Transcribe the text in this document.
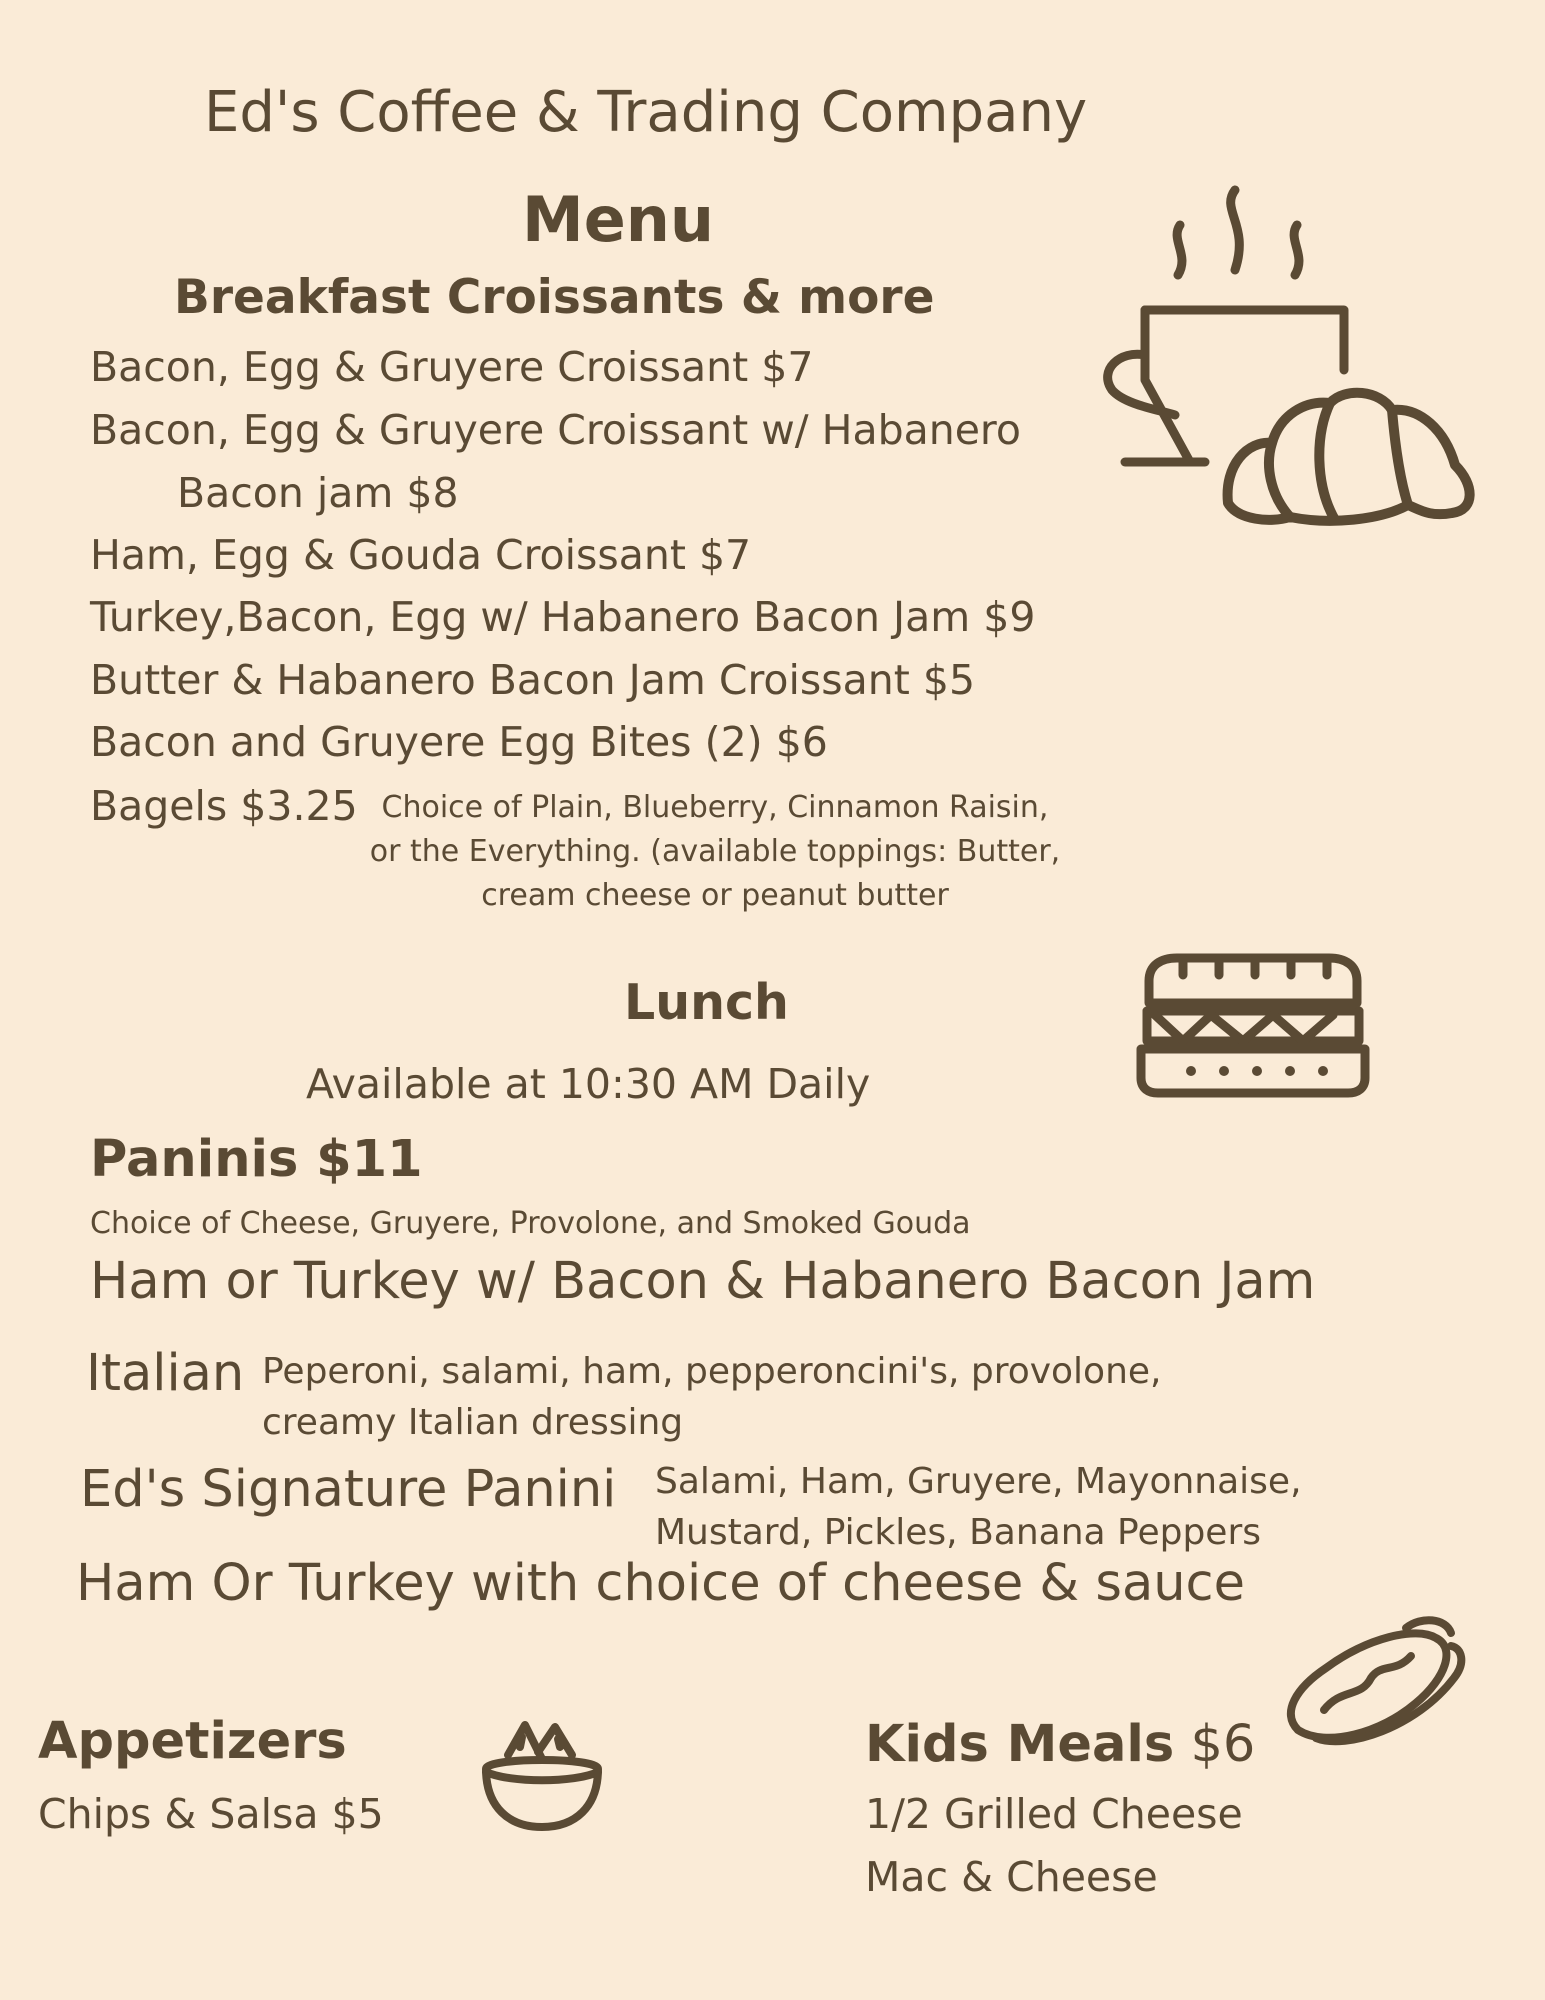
Ed's Coffee & Trading Company
Menu
Breakfast Croissants & more
Bacon, Egg & Gruyere Croissant $7
Bacon, Egg & Gruyere Croissant w/ Habanero
Bacon jam $8
Ham, Egg & Gouda Croissant $7
Turkey,Bacon, Egg w/ Habanero Bacon Jam $9
Butter & Habanero Bacon Jam Croissant $5
Bacon and Gruyere Egg Bites (2) $6
Bagels $3.25 Choice of Plain, Blueberry, Cinnamon Raisin,
or the Everything. (available toppings: Butter,
cream cheese or peanut butter
Lunch
Available at 10:30 AM Daily
Paninis $11
Choice of Cheese, Gruyere, Provolone, and Smoked Gouda
Ham or Turkey w/ Bacon & Habanero Bacon Jam
Italian Peperoni, salami, ham, pepperoncini's, provolone,
creamy Italian dressing
Ed's Signature Panini Salami, Ham, Gruyere, Mayonnaise,
Mustard, Pickles, Banana Peppers
Ham Or Turkey with choice of cheese & sauce
Appetizers
Chips & Salsa $5
Kids Meals $6
1/2 Grilled Cheese
Mac & Cheese
